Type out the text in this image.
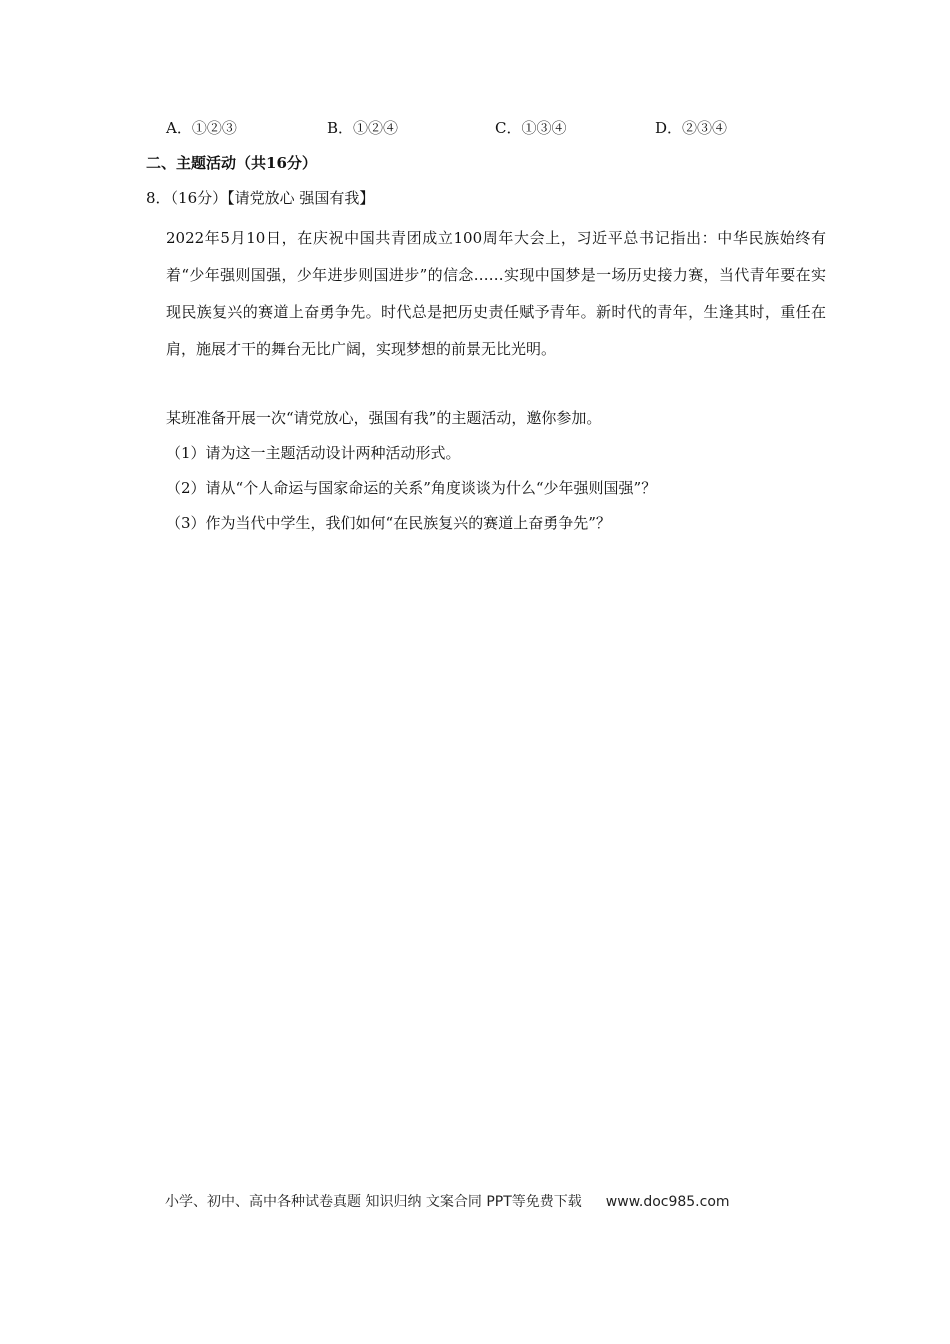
A．①②③	B．①②④	C．①③④	D．②③④
二、主题活动（共16分）
8．（16分）【请党放心 强国有我】
2022年5月10日，在庆祝中国共青团成立100周年大会上，习近平总书记指出：中华民族始终有着“少年强则国强，少年进步则国进步”的信念……实现中国梦是一场历史接力赛，当代青年要在实现民族复兴的赛道上奋勇争先。时代总是把历史责任赋予青年。新时代的青年，生逢其时，重任在肩，施展才干的舞台无比广阔，实现梦想的前景无比光明。
某班准备开展一次“请党放心，强国有我”的主题活动，邀你参加。
（1）请为这一主题活动设计两种活动形式。
（2）请从“个人命运与国家命运的关系”角度谈谈为什么“少年强则国强”？
（3）作为当代中学生，我们如何“在民族复兴的赛道上奋勇争先”？
小学、初中、高中各种试卷真题 知识归纳 文案合同 PPT等免费下载 www.doc985.com
